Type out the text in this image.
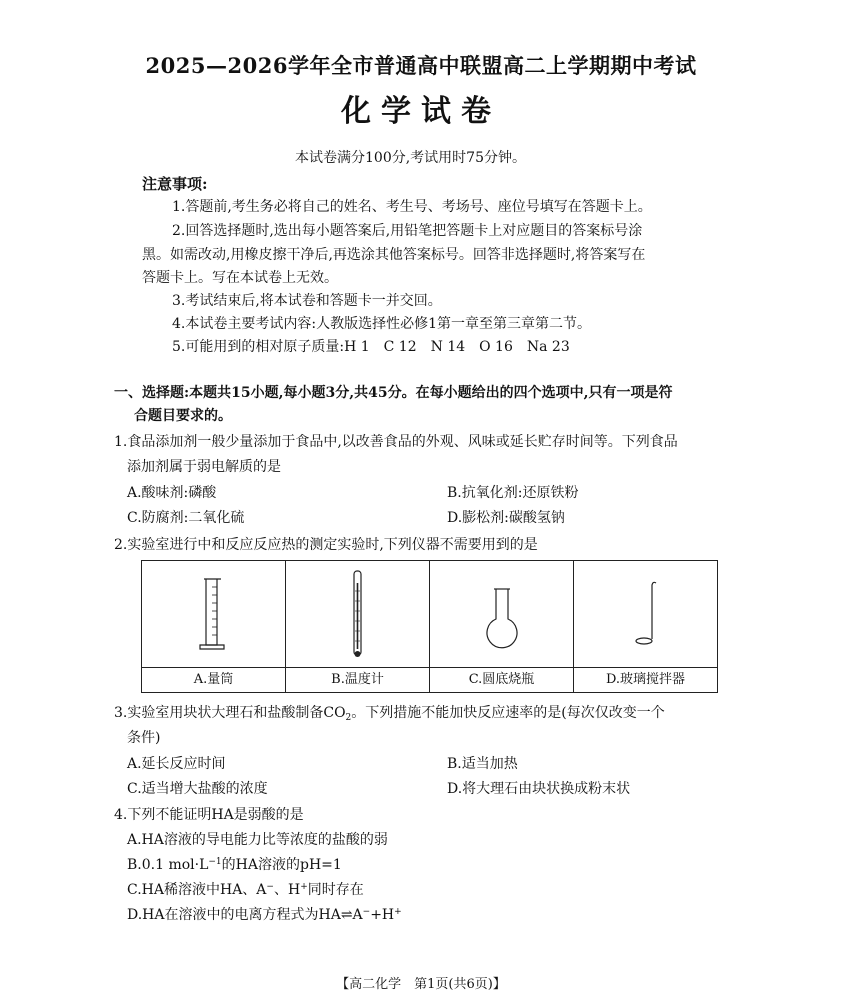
2025—2026学年全市普通高中联盟高二上学期期中考试
化学试卷
本试卷满分100分,考试用时75分钟。
注意事项:
1.答题前,考生务必将自己的姓名、考生号、考场号、座位号填写在答题卡上。
2.回答选择题时,选出每小题答案后,用铅笔把答题卡上对应题目的答案标号涂
黑。如需改动,用橡皮擦干净后,再选涂其他答案标号。回答非选择题时,将答案写在
答题卡上。写在本试卷上无效。
3.考试结束后,将本试卷和答题卡一并交回。
4.本试卷主要考试内容:人教版选择性必修1第一章至第三章第二节。
5.可能用到的相对原子质量:H 1　C 12　N 14　O 16　Na 23
一、选择题:本题共15小题,每小题3分,共45分。在每小题给出的四个选项中,只有一项是符
合题目要求的。
1.食品添加剂一般少量添加于食品中,以改善食品的外观、风味或延长贮存时间等。下列食品
添加剂属于弱电解质的是
A.酸味剂:磷酸	B.抗氧化剂:还原铁粉
C.防腐剂:二氧化硫	D.膨松剂:碳酸氢钠
2.实验室进行中和反应反应热的测定实验时,下列仪器不需要用到的是
A.量筒	B.温度计	C.圆底烧瓶	D.玻璃搅拌器
3.实验室用块状大理石和盐酸制备$CO_2$。下列措施不能加快反应速率的是(每次仅改变一个
条件)
A.延长反应时间	B.适当加热
C.适当增大盐酸的浓度	D.将大理石由块状换成粉末状
4.下列不能证明HA是弱酸的是
A.HA溶液的导电能力比等浓度的盐酸的弱
B.0.1 $mol\cdot L^{-1}$的HA溶液的pH=1
C.HA稀溶液中HA、A−、H+同时存在
D.HA在溶液中的电离方程式为HA⇌A−+H+
【高二化学　第1页(共6页)】
